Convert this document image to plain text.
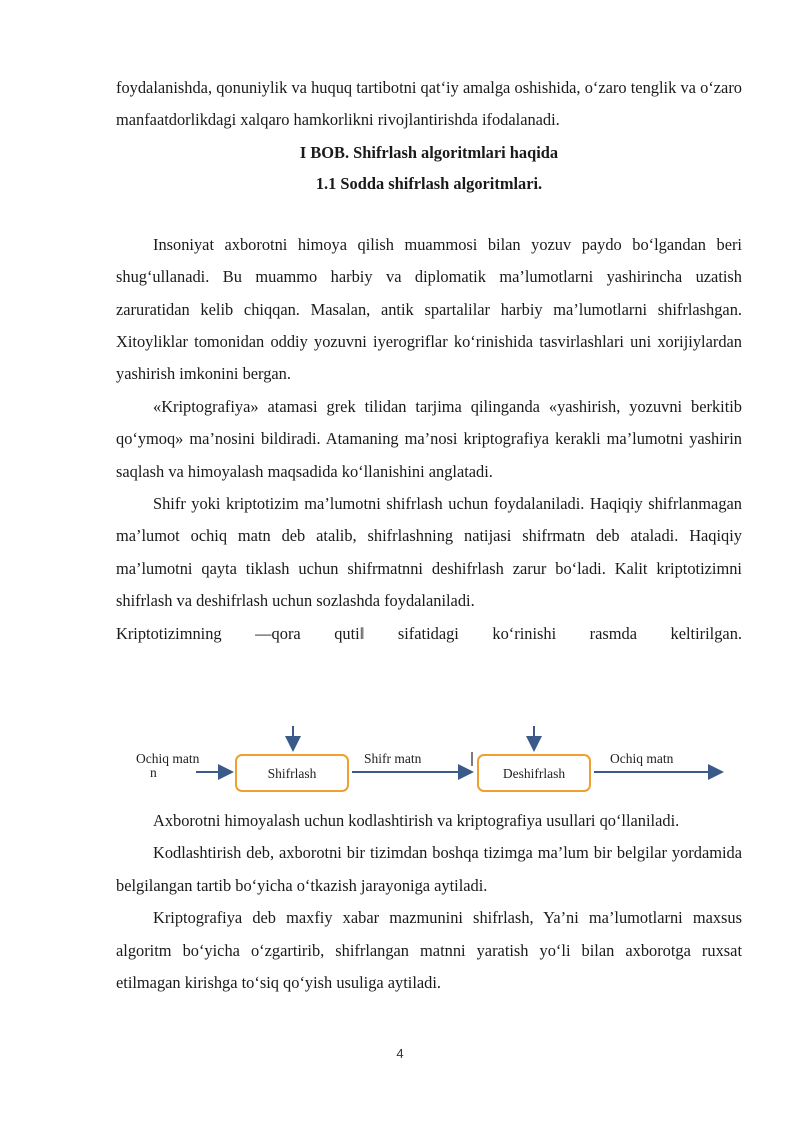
foydalanishda, qonuniylik va huquq tartibotni qat‘iy amalga oshishida, o‘zaro tenglik va o‘zaro manfaatdorlikdagi xalqaro hamkorlikni rivojlantirishda ifodalanadi.

I BOB. Shifrlash algoritmlari haqida

1.1 Sodda shifrlash algoritmlari.

Insoniyat axborotni himoya qilish muammosi bilan yozuv paydo bo‘lgandan beri shug‘ullanadi. Bu muammo harbiy va diplomatik ma’lumotlarni yashirincha uzatish zaruratidan kelib chiqqan. Masalan, antik spartalilar harbiy ma’lumotlarni shifrlashgan. Xitoyliklar tomonidan oddiy yozuvni iyerogriflar ko‘rinishida tasvirlashlari uni xorijiylardan yashirish imkonini bergan.

«Kriptografiya» atamasi grek tilidan tarjima qilinganda «yashirish, yozuvni berkitib qo‘ymoq» ma’nosini bildiradi. Atamaning ma’nosi kriptografiya kerakli ma’lumotni yashirin saqlash va himoyalash maqsadida ko‘llanishini anglatadi.

Shifr yoki kriptotizim ma’lumotni shifrlash uchun foydalaniladi. Haqiqiy shifrlanmagan ma’lumot ochiq matn deb atalib, shifrlashning natijasi shifrmatn deb ataladi. Haqiqiy ma’lumotni qayta tiklash uchun shifrmatnni deshifrlash zarur bo‘ladi. Kalit kriptotizimni shifrlash va deshifrlash uchun sozlashda foydalaniladi.

Kriptotizimning ―qora quti‖ sifatidagi ko‘rinishi rasmda keltirilgan.

Ochiq matn
n	Shifrlash
Shifr matn
Deshifrlash
Ochiq matn

Axborotni himoyalash uchun kodlashtirish va kriptografiya usullari qo‘llaniladi.

Kodlashtirish deb, axborotni bir tizimdan boshqa tizimga ma’lum bir belgilar yordamida belgilangan tartib bo‘yicha o‘tkazish jarayoniga aytiladi.

Kriptografiya deb maxfiy xabar mazmunini shifrlash, Ya’ni ma’lumotlarni maxsus algoritm bo‘yicha o‘zgartirib, shifrlangan matnni yaratish yo‘li bilan axborotga ruxsat etilmagan kirishga to‘siq qo‘yish usuliga aytiladi.

4
